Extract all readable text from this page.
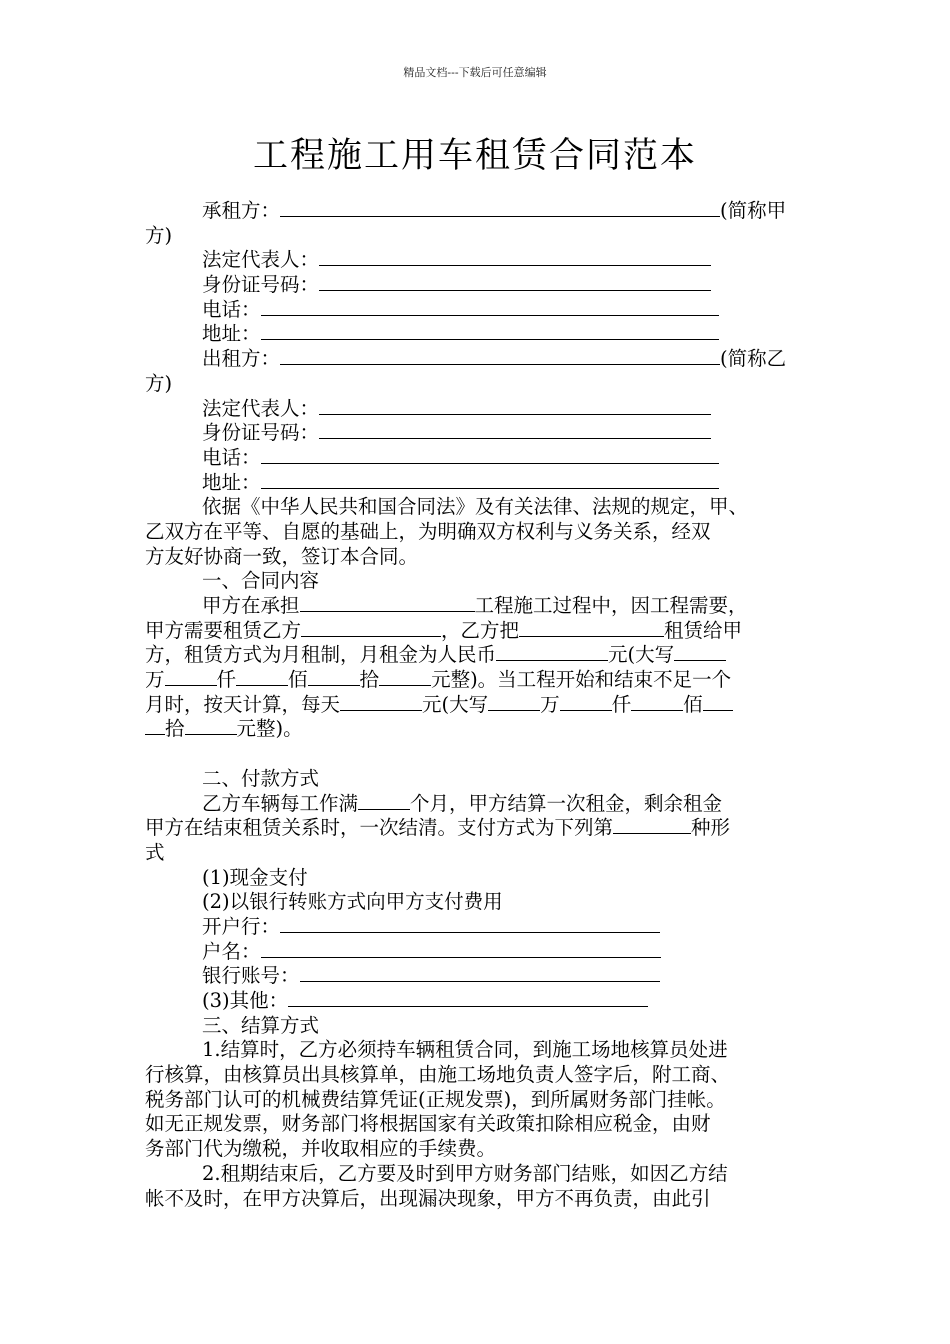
精品文档---下载后可任意编辑
工程施工用车租赁合同范本
承租方：	(简称甲
方)
法定代表人：
身份证号码：
电话：
地址：
出租方：	(简称乙
方)
法定代表人：
身份证号码：
电话：
地址：
依据《中华人民共和国合同法》及有关法律、法规的规定，甲、
乙双方在平等、自愿的基础上，为明确双方权利与义务关系，经双
方友好协商一致，签订本合同。
一、合同内容
甲方在承担	工程施工过程中，因工程需要，
甲方需要租赁乙方	，乙方把	租赁给甲
方，租赁方式为月租制，月租金为人民币	元(大写
万	仟	佰	拾	元整)。当工程开始和结束不足一个
月时，按天计算，每天	元(大写	万	仟	佰
拾	元整)。
二、付款方式
乙方车辆每工作满	个月，甲方结算一次租金，剩余租金
甲方在结束租赁关系时，一次结清。支付方式为下列第	种形
式
(1)现金支付
(2)以银行转账方式向甲方支付费用
开户行：
户名：
银行账号：
(3)其他：
三、结算方式
1.结算时，乙方必须持车辆租赁合同，到施工场地核算员处进
行核算，由核算员出具核算单，由施工场地负责人签字后，附工商、
税务部门认可的机械费结算凭证(正规发票)，到所属财务部门挂帐。
如无正规发票，财务部门将根据国家有关政策扣除相应税金，由财
务部门代为缴税，并收取相应的手续费。
2.租期结束后，乙方要及时到甲方财务部门结账，如因乙方结
帐不及时，在甲方决算后，出现漏决现象，甲方不再负责，由此引
